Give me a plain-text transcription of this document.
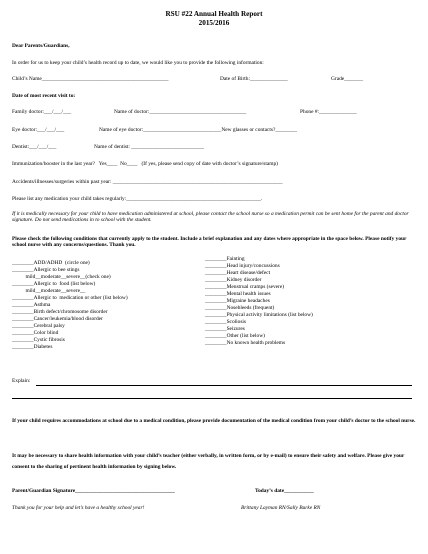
RSU #22 Annual Health Report
2015/2016
Dear Parents/Guardians,
In order for us to keep your child’s health record up to date, we would like you to provide the following information:
Child’s Name_______________________________________________	Date of Birth:______________	Grade_______
Date of most recent visit to:
Family doctor:___/___/___	Name of doctor:____________________________________	Phone #:______________
Eye doctor:___/___/___	Name of eye doctor:_____________________________New glasses or contacts?________
Dentist:___/___/___	Name of dentist: ___________________________
Immunization/booster in the last year?   Yes____  No____   (If yes, please send copy of date with doctor’s signature/stamp)
Accidents/illnesses/surgeries within past year: _______________________________________________________________
Please list any medication your child takes regularly:__________________________________________________.
If it is medically necessary for your child to have medication administered at school, please contact the school nurse so a medication permit can be sent home for the parent and doctor signature. Do not send medications in to school with the student.
Please check the following conditions that currently apply to the student. Include a brief explanation and any dates where appropriate in the space below. Please notify your school nurse with any concerns/questions. Thank you.
________ADD/ADHD  (circle one)
________Allergic to bee stings
mild__moderate__severe__(check one)
________Allergic to  food (list below)
mild__moderate__severe__
________Allergic to  medication or other (list below)
________Asthma
________Birth defect/chromosome disorder
________Cancer/leukemia/blood disorder
________Cerebral palsy
________Color blind
________Cystic fibrosis
________Diabetes
________Fainting
________Head injury/concussions
________Heart disease/defect
________Kidney disorder
________Menstrual cramps (severe)
________Mental health issues
________Migraine headaches
________Nosebleeds (frequent)
________Physical activity limitations (list below)
________Scoliosis
________Seizures
________Other (list below)
________No known health problems
Explain:
If your child requires accommodations at school due to a medical condition, please provide documentation of the medical condition from your child’s doctor to the school nurse.
It may be necessary to share health information with your child’s teacher (either verbally, in written form, or by e-mail) to ensure their safety and welfare. Please give your consent to the sharing of pertinent health information by signing below.
Parent/Guardian Signature_____________________________________	Today’s date___________
Thank you for your help and let’s have a healthy school year!	Brittany Layman RN/Sally Burke RN
